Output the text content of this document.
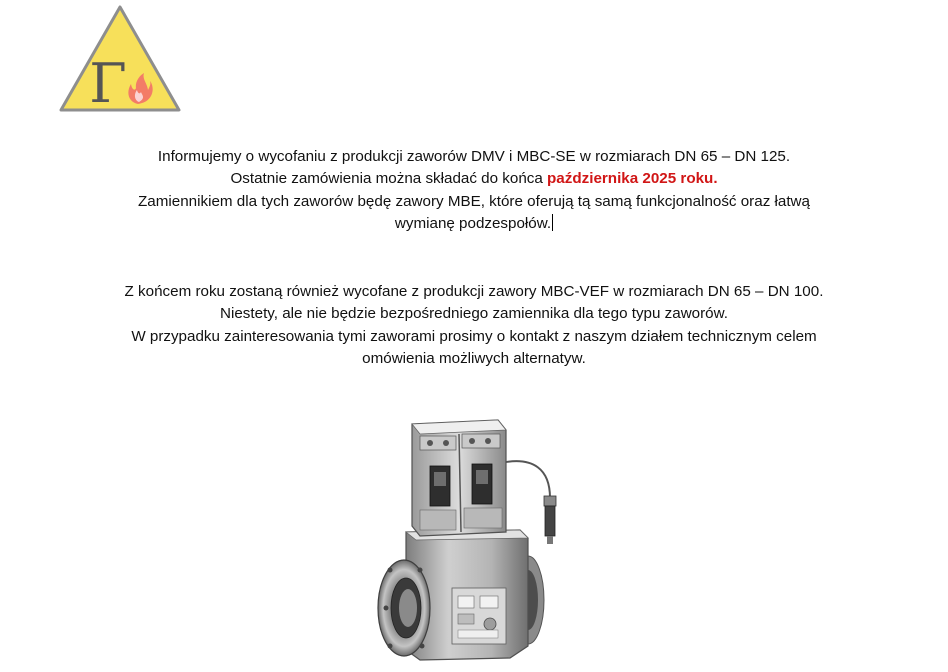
Γ
Informujemy o wycofaniu z produkcji zaworów DMV i MBC-SE w rozmiarach DN 65 – DN 125.
Ostatnie zamówienia można składać do końca października 2025 roku.
Zamiennikiem dla tych zaworów będę zawory MBE, które oferują tą samą funkcjonalność oraz łatwą
wymianę podzespołów.
Z końcem roku zostaną również wycofane z produkcji zawory MBC-VEF w rozmiarach DN 65 – DN 100.
Niestety, ale nie będzie bezpośredniego zamiennika dla tego typu zaworów.
W przypadku zainteresowania tymi zaworami prosimy o kontakt z naszym działem technicznym celem
omówienia możliwych alternatyw.
